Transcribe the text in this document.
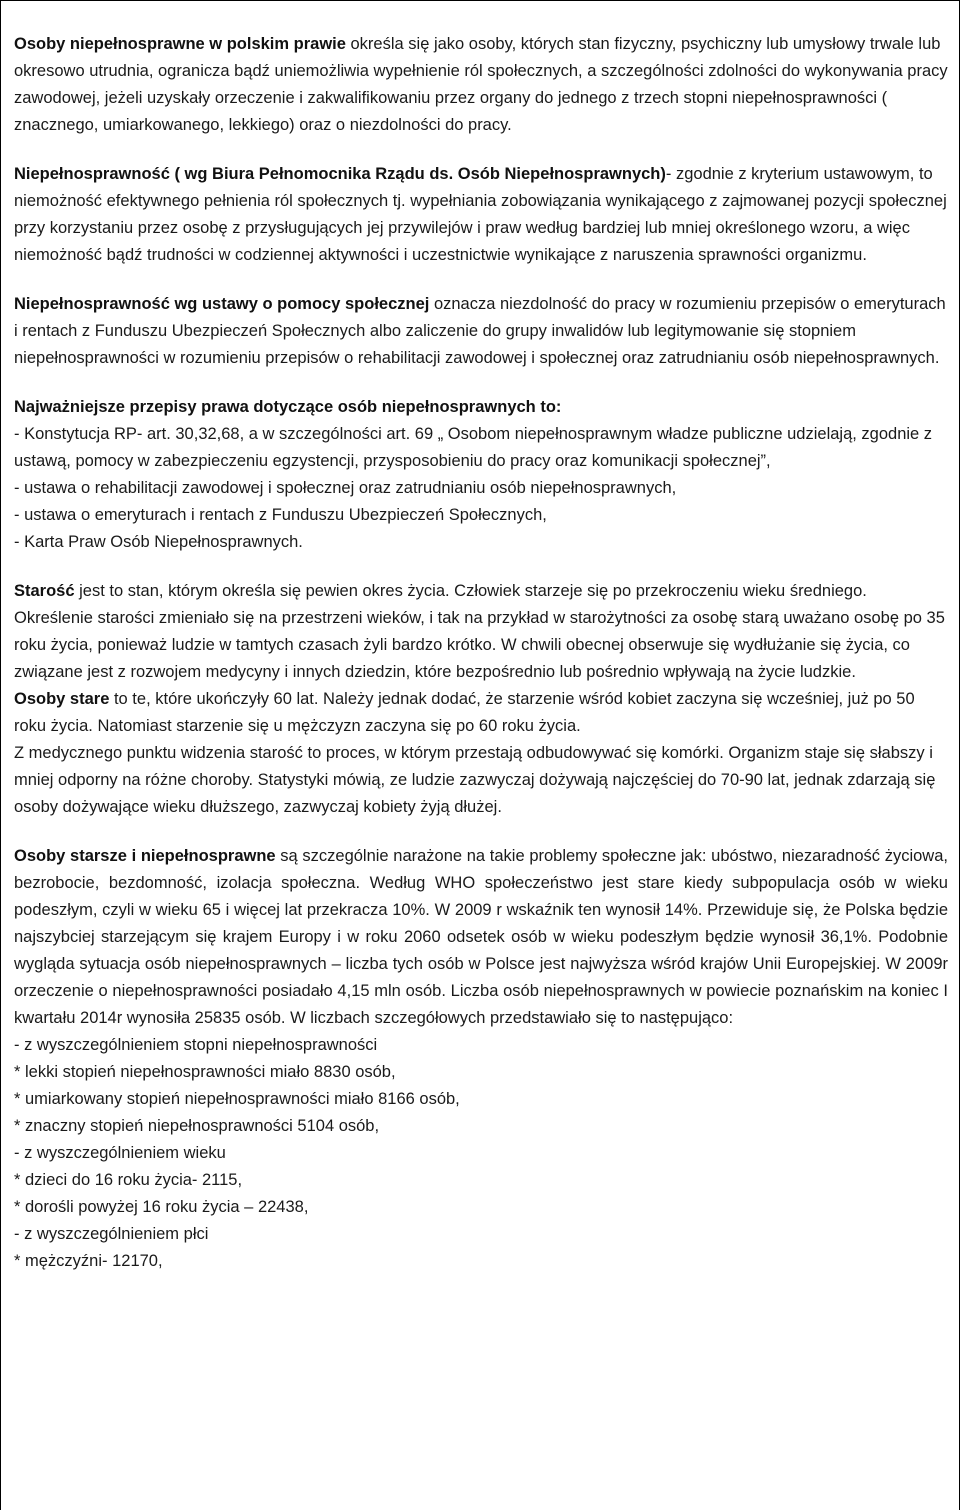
Osoby niepełnosprawne w polskim prawie określa się jako osoby, których stan fizyczny, psychiczny lub umysłowy trwale lub okresowo utrudnia, ogranicza bądź uniemożliwia wypełnienie ról społecznych, a szczególności zdolności do wykonywania pracy zawodowej, jeżeli uzyskały orzeczenie i zakwalifikowaniu przez organy do jednego z trzech stopni niepełnosprawności ( znacznego, umiarkowanego, lekkiego) oraz o niezdolności do pracy.

Niepełnosprawność ( wg Biura Pełnomocnika Rządu ds. Osób Niepełnosprawnych)- zgodnie z kryterium ustawowym, to niemożność efektywnego pełnienia ról społecznych tj. wypełniania zobowiązania wynikającego z zajmowanej pozycji społecznej przy korzystaniu przez osobę z przysługujących jej przywilejów i praw według bardziej lub mniej określonego wzoru, a więc niemożność bądź trudności w codziennej aktywności i uczestnictwie wynikające z naruszenia sprawności organizmu.

Niepełnosprawność wg ustawy o pomocy społecznej oznacza niezdolność do pracy w rozumieniu przepisów o emeryturach i rentach z Funduszu Ubezpieczeń Społecznych albo zaliczenie do grupy inwalidów lub legitymowanie się stopniem niepełnosprawności w rozumieniu przepisów o rehabilitacji zawodowej i społecznej oraz zatrudnianiu osób niepełnosprawnych.

Najważniejsze przepisy prawa dotyczące osób niepełnosprawnych to:
- Konstytucja RP- art. 30,32,68, a w szczególności art. 69 „ Osobom niepełnosprawnym władze publiczne udzielają, zgodnie z ustawą, pomocy w zabezpieczeniu egzystencji, przysposobieniu do pracy oraz komunikacji społecznej”,
- ustawa o rehabilitacji zawodowej i społecznej oraz zatrudnianiu osób niepełnosprawnych,
- ustawa o emeryturach i rentach z Funduszu Ubezpieczeń Społecznych,
- Karta Praw Osób Niepełnosprawnych.

Starość jest to stan, którym określa się pewien okres życia. Człowiek starzeje się po przekroczeniu wieku średniego. Określenie starości zmieniało się na przestrzeni wieków, i tak na przykład w starożytności za osobę starą uważano osobę po 35 roku życia, ponieważ ludzie w tamtych czasach żyli bardzo krótko. W chwili obecnej obserwuje się wydłużanie się życia, co związane jest z rozwojem medycyny i innych dziedzin, które bezpośrednio lub pośrednio wpływają na życie ludzkie.
Osoby stare to te, które ukończyły 60 lat. Należy jednak dodać, że starzenie wśród kobiet zaczyna się wcześniej, już po 50 roku życia. Natomiast starzenie się u mężczyzn zaczyna się po 60 roku życia.
Z medycznego punktu widzenia starość to proces, w którym przestają odbudowywać się komórki. Organizm staje się słabszy i mniej odporny na różne choroby. Statystyki mówią, ze ludzie zazwyczaj dożywają najczęściej do 70-90 lat, jednak zdarzają się osoby dożywające wieku dłuższego, zazwyczaj kobiety żyją dłużej.

Osoby starsze i niepełnosprawne są szczególnie narażone na takie problemy społeczne jak: ubóstwo, niezaradność życiowa, bezrobocie, bezdomność, izolacja społeczna. Według WHO społeczeństwo jest stare kiedy subpopulacja osób w wieku podeszłym, czyli w wieku 65 i więcej lat przekracza 10%. W 2009 r wskaźnik ten wynosił 14%. Przewiduje się, że Polska będzie najszybciej starzejącym się krajem Europy i w roku 2060 odsetek osób w wieku podeszłym będzie wynosił 36,1%. Podobnie wygląda sytuacja osób niepełnosprawnych – liczba tych osób w Polsce jest najwyższa wśród krajów Unii Europejskiej. W 2009r orzeczenie o niepełnosprawności posiadało 4,15 mln osób. Liczba osób niepełnosprawnych w powiecie poznańskim na koniec I kwartału 2014r wynosiła 25835 osób. W liczbach szczegółowych przedstawiało się to następująco:

- z wyszczególnieniem stopni niepełnosprawności
* lekki stopień niepełnosprawności miało 8830 osób,
* umiarkowany stopień niepełnosprawności miało 8166 osób,
* znaczny stopień niepełnosprawności 5104 osób,
- z wyszczególnieniem wieku
* dzieci do 16 roku życia- 2115,
* dorośli powyżej 16 roku życia – 22438,
- z wyszczególnieniem płci
* mężczyźni- 12170,
